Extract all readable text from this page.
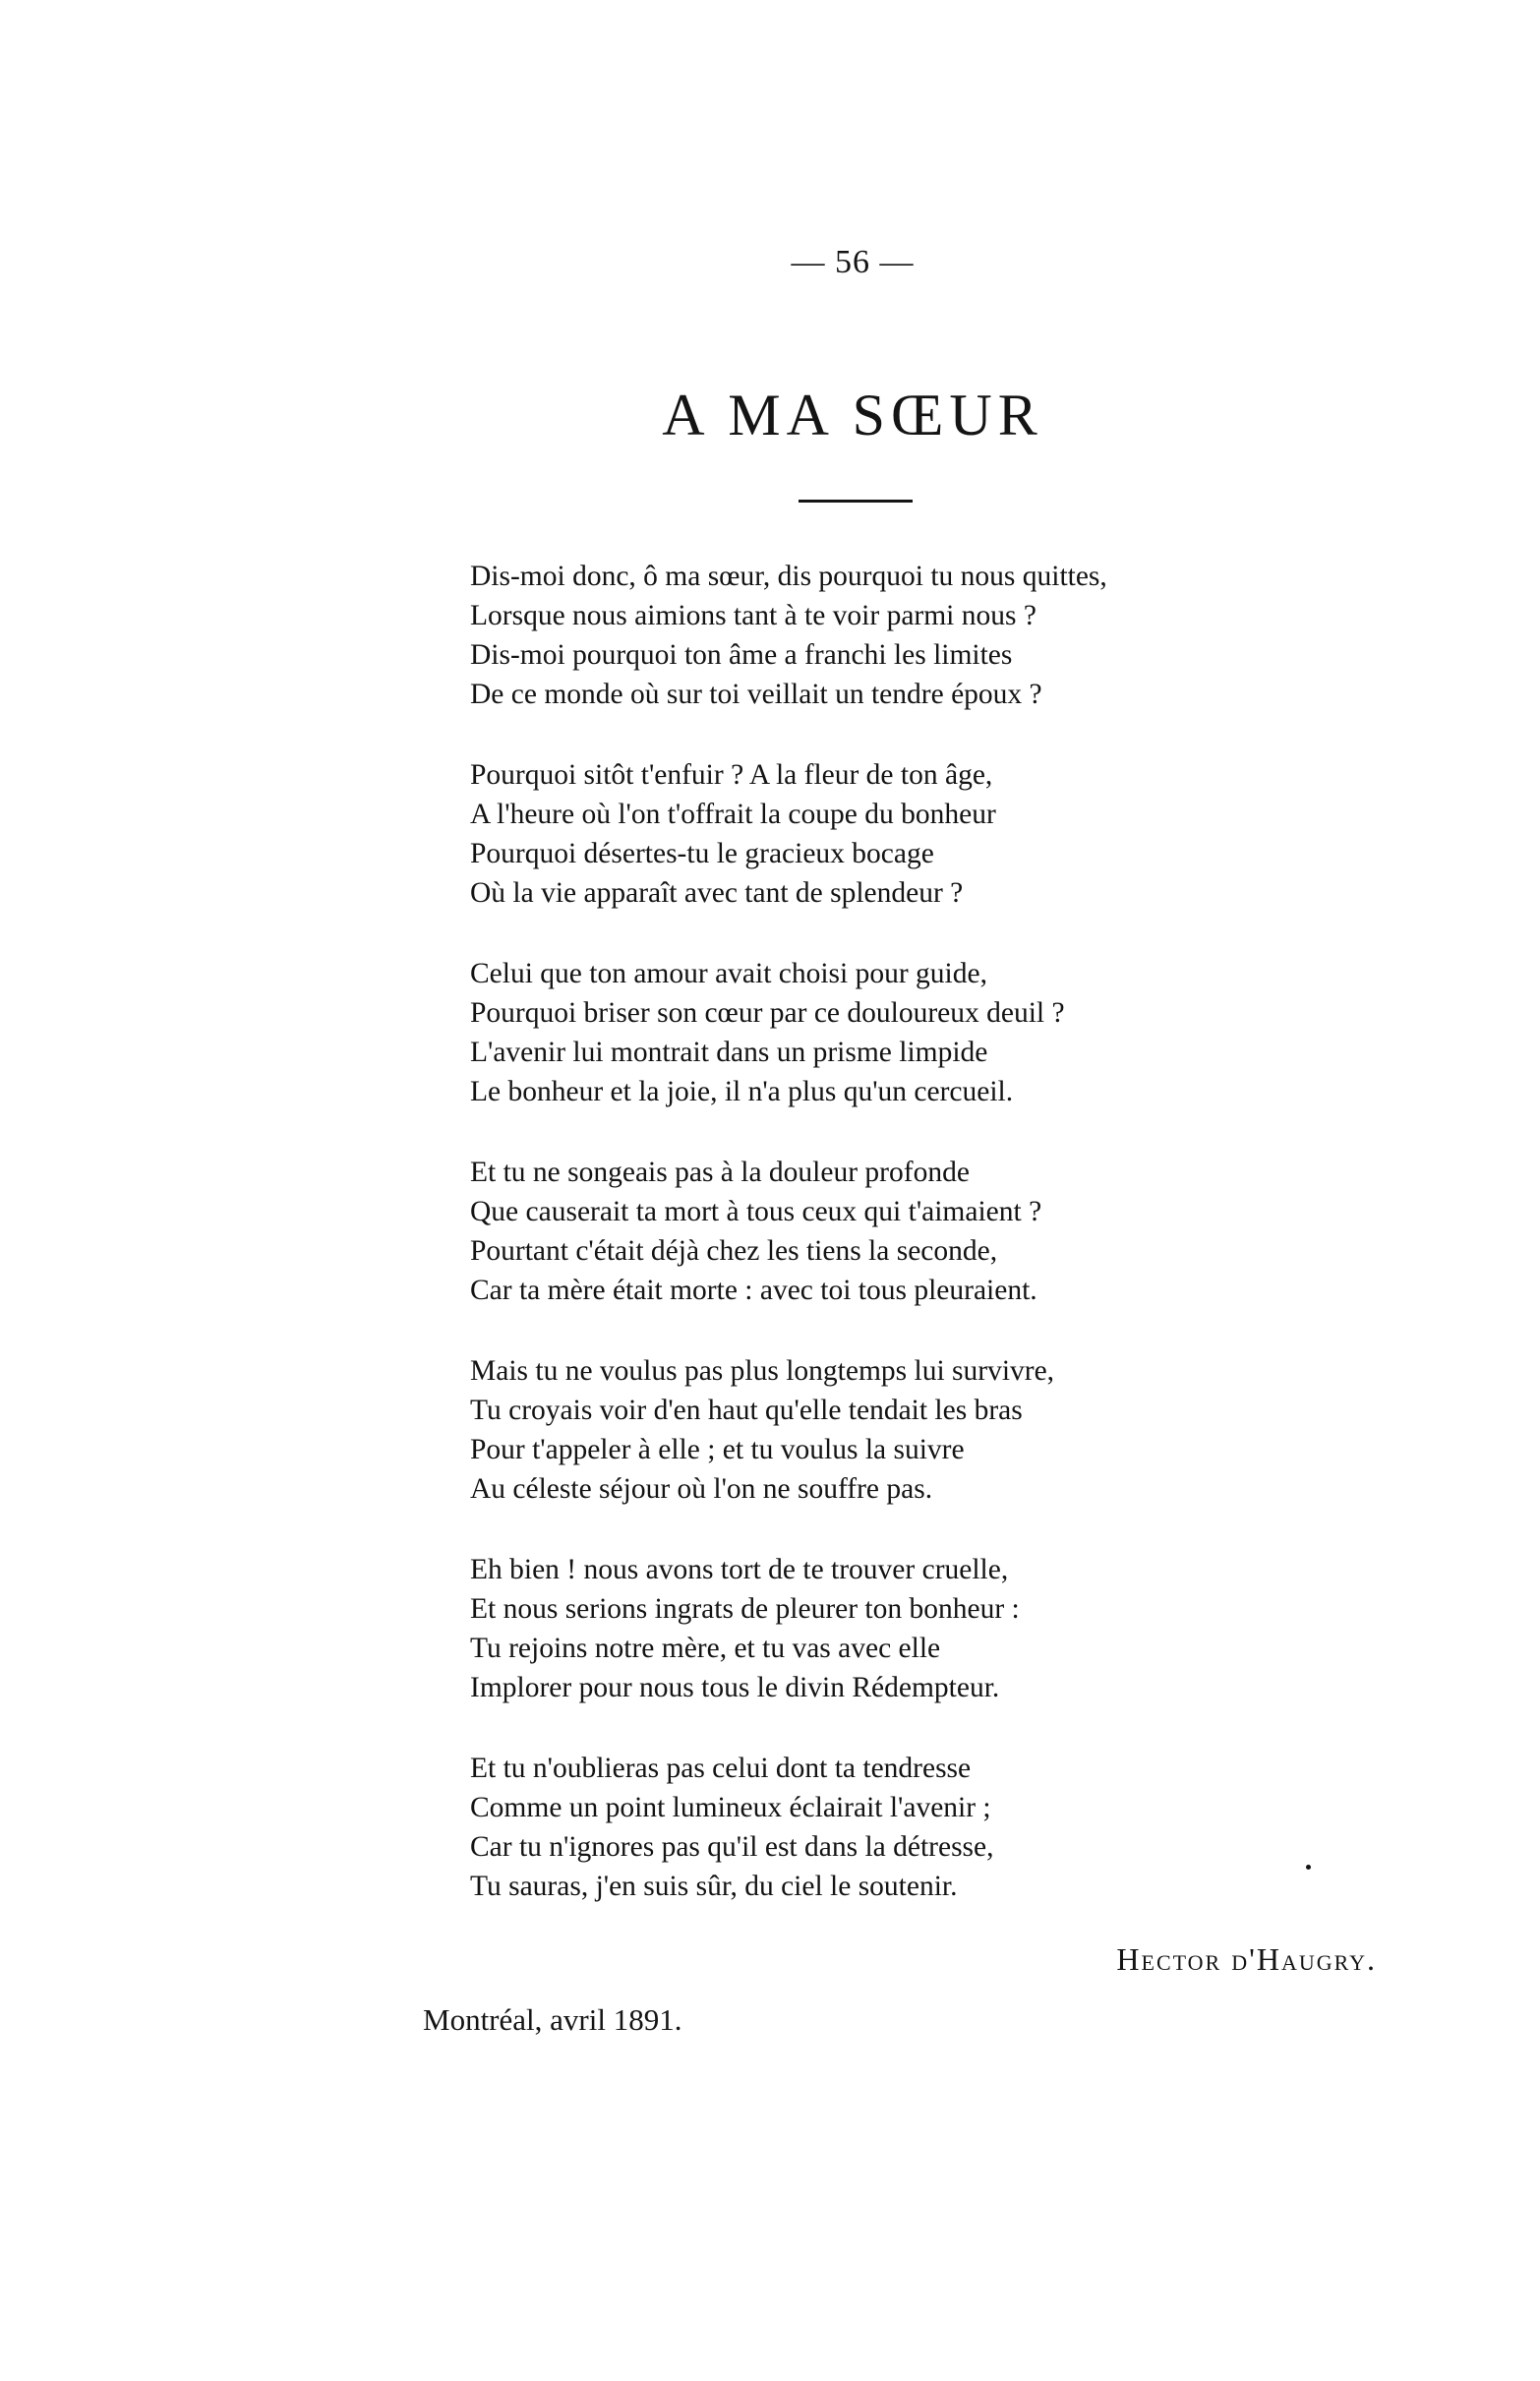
— 56 —
A MA SŒUR
Dis-moi donc, ô ma sœur, dis pourquoi tu nous quittes,
Lorsque nous aimions tant à te voir parmi nous ?
Dis-moi pourquoi ton âme a franchi les limites
De ce monde où sur toi veillait un tendre époux ?
Pourquoi sitôt t'enfuir ? A la fleur de ton âge,
A l'heure où l'on t'offrait la coupe du bonheur
Pourquoi désertes-tu le gracieux bocage
Où la vie apparaît avec tant de splendeur ?
Celui que ton amour avait choisi pour guide,
Pourquoi briser son cœur par ce douloureux deuil ?
L'avenir lui montrait dans un prisme limpide
Le bonheur et la joie, il n'a plus qu'un cercueil.
Et tu ne songeais pas à la douleur profonde
Que causerait ta mort à tous ceux qui t'aimaient ?
Pourtant c'était déjà chez les tiens la seconde,
Car ta mère était morte : avec toi tous pleuraient.
Mais tu ne voulus pas plus longtemps lui survivre,
Tu croyais voir d'en haut qu'elle tendait les bras
Pour t'appeler à elle ; et tu voulus la suivre
Au céleste séjour où l'on ne souffre pas.
Eh bien ! nous avons tort de te trouver cruelle,
Et nous serions ingrats de pleurer ton bonheur :
Tu rejoins notre mère, et tu vas avec elle
Implorer pour nous tous le divin Rédempteur.
Et tu n'oublieras pas celui dont ta tendresse
Comme un point lumineux éclairait l'avenir ;
Car tu n'ignores pas qu'il est dans la détresse,
Tu sauras, j'en suis sûr, du ciel le soutenir.
Hector d'Haugry.
Montréal, avril 1891.
